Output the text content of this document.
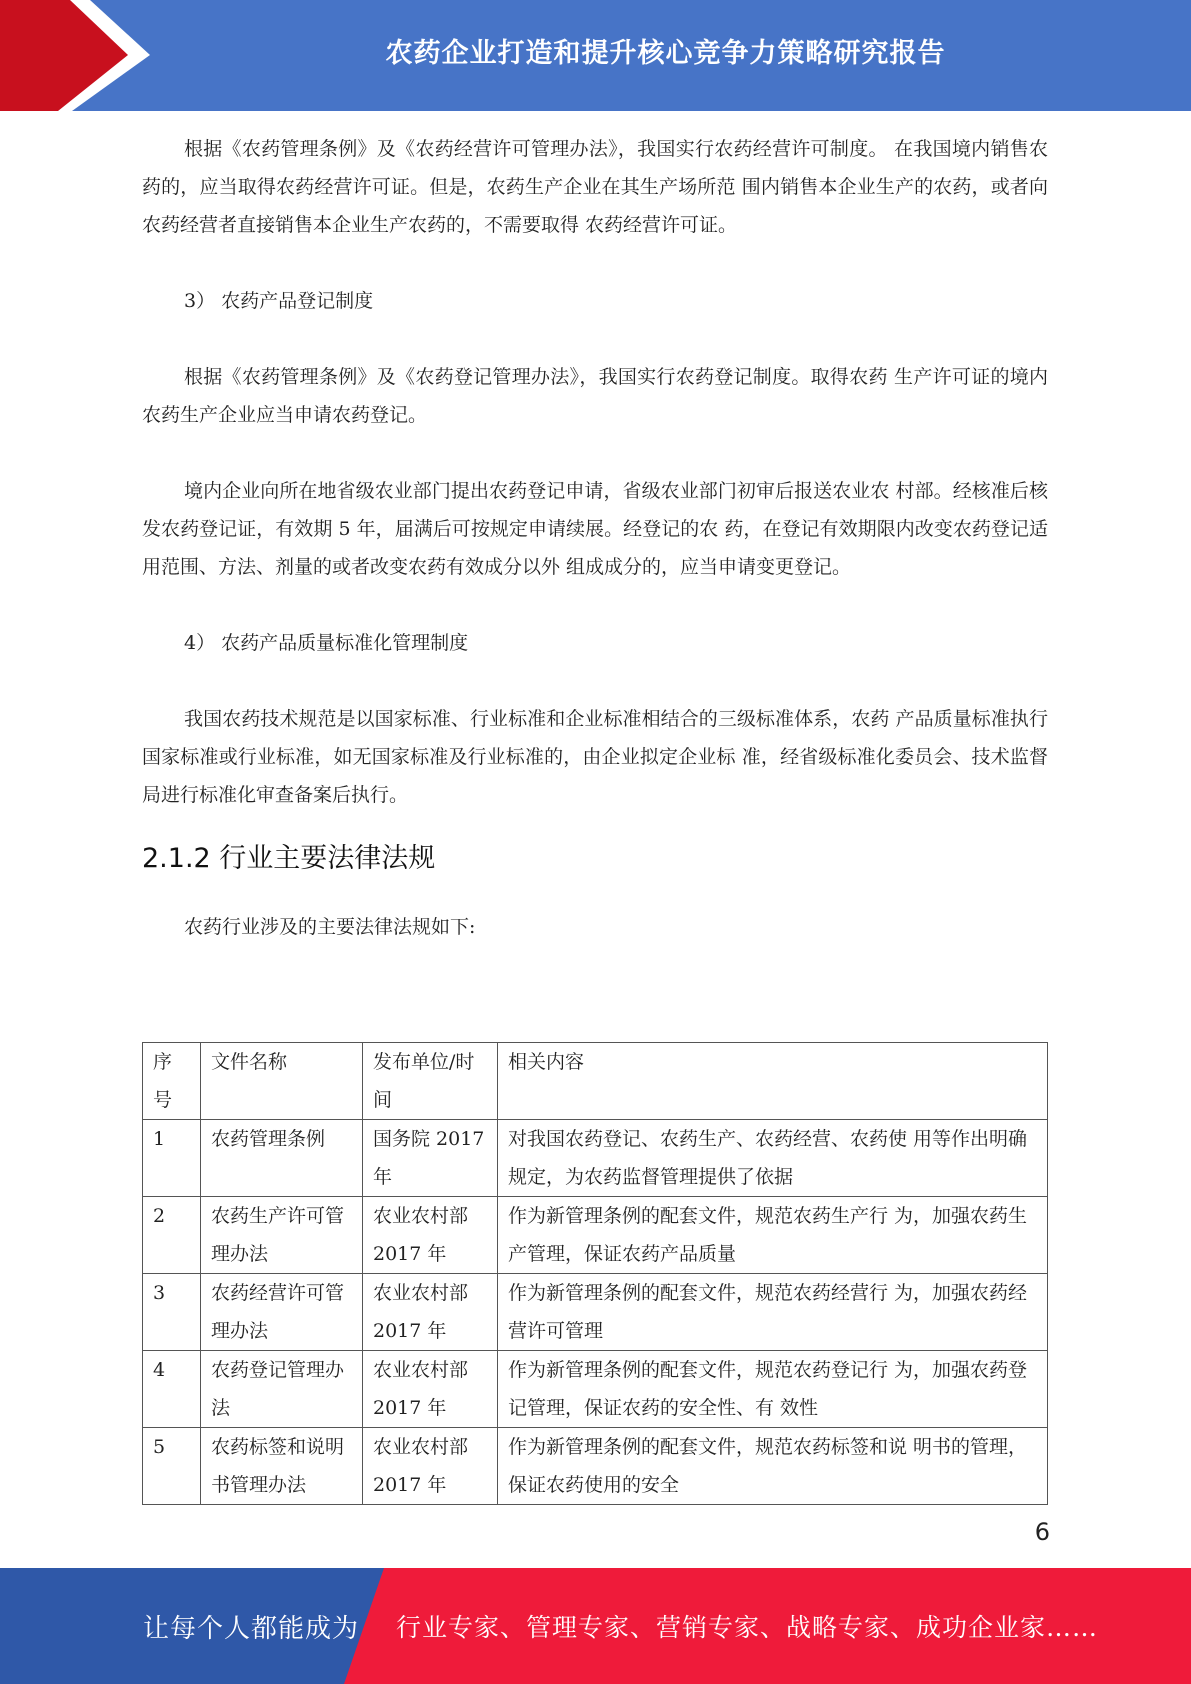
农药企业打造和提升核心竞争力策略研究报告

根据《农药管理条例》及《农药经营许可管理办法》，我国实行农药经营许可制度。 在我国境内销售农药的，应当取得农药经营许可证。但是，农药生产企业在其生产场所范 围内销售本企业生产的农药，或者向农药经营者直接销售本企业生产农药的，不需要取得 农药经营许可证。

3） 农药产品登记制度

根据《农药管理条例》及《农药登记管理办法》，我国实行农药登记制度。取得农药 生产许可证的境内农药生产企业应当申请农药登记。

境内企业向所在地省级农业部门提出农药登记申请，省级农业部门初审后报送农业农 村部。经核准后核发农药登记证，有效期 5 年，届满后可按规定申请续展。经登记的农 药，在登记有效期限内改变农药登记适用范围、方法、剂量的或者改变农药有效成分以外 组成成分的，应当申请变更登记。

4） 农药产品质量标准化管理制度

我国农药技术规范是以国家标准、行业标准和企业标准相结合的三级标准体系，农药 产品质量标准执行国家标准或行业标准，如无国家标准及行业标准的，由企业拟定企业标 准，经省级标准化委员会、技术监督局进行标准化审查备案后执行。

2.1.2 行业主要法律法规

农药行业涉及的主要法律法规如下:

序号	文件名称	发布单位/时间	相关内容
1	农药管理条例	国务院 2017 年	对我国农药登记、农药生产、农药经营、农药使 用等作出明确规定，为农药监督管理提供了依据
2	农药生产许可管理办法	农业农村部 2017 年	作为新管理条例的配套文件，规范农药生产行 为，加强农药生产管理，保证农药产品质量
3	农药经营许可管理办法	农业农村部 2017 年	作为新管理条例的配套文件，规范农药经营行 为，加强农药经营许可管理
4	农药登记管理办法	农业农村部 2017 年	作为新管理条例的配套文件，规范农药登记行 为，加强农药登记管理，保证农药的安全性、有 效性
5	农药标签和说明书管理办法	农业农村部 2017 年	作为新管理条例的配套文件，规范农药标签和说 明书的管理，保证农药使用的安全
6
让每个人都能成为 行业专家、管理专家、营销专家、战略专家、成功企业家……
